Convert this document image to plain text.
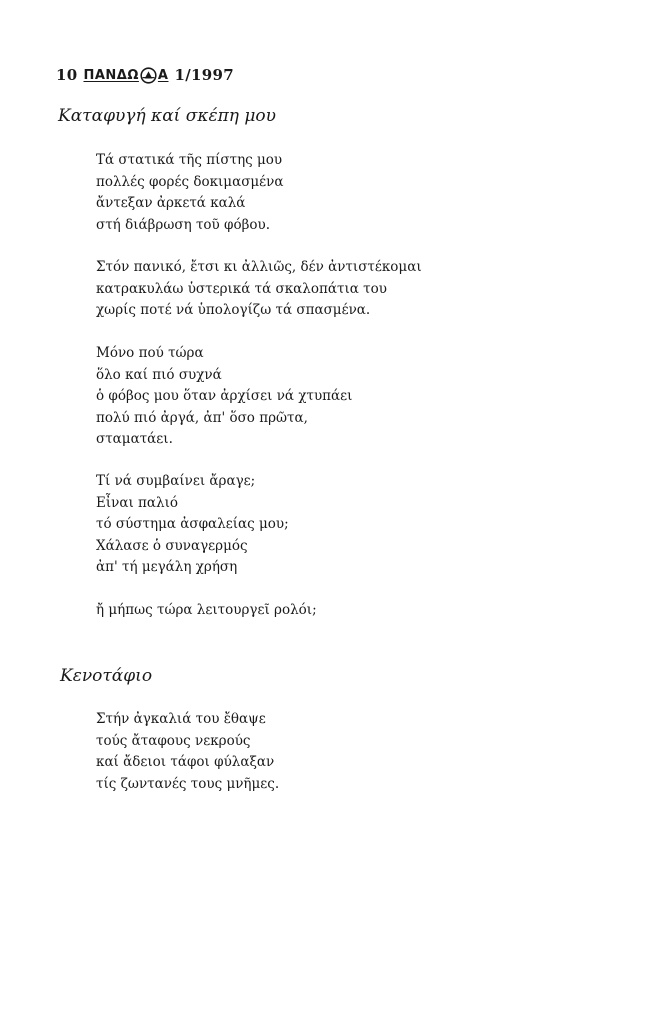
10 ΠΑΝΔΩ Α 1/1997
Καταφυγή καί σκέπη μου

Τά στατικά τῆς πίστης μου
πολλές φορές δοκιμασμένα
ἄντεξαν ἀρκετά καλά
στή διάβρωση τοῦ φόβου.

Στόν πανικό, ἔτσι κι ἀλλιῶς, δέν ἀντιστέκομαι
κατρακυλάω ὑστερικά τά σκαλοπάτια του
χωρίς ποτέ νά ὑπολογίζω τά σπασμένα.

Μόνο πού τώρα
ὅλο καί πιό συχνά
ὁ φόβος μου ὅταν ἀρχίσει νά χτυπάει
πολύ πιό ἀργά, ἀπ' ὅσο πρῶτα,
σταματάει.

Τί νά συμβαίνει ἄραγε;
Εἶναι παλιό
τό σύστημα ἀσφαλείας μου;
Χάλασε ὁ συναγερμός
ἀπ' τή μεγάλη χρήση

ἤ μήπως τώρα λειτουργεῖ ρολόι;

Κενοτάφιο

Στήν ἀγκαλιά του ἔθαψε
τούς ἄταφους νεκρούς
καί ἄδειοι τάφοι φύλαξαν
τίς ζωντανές τους μνῆμες.
